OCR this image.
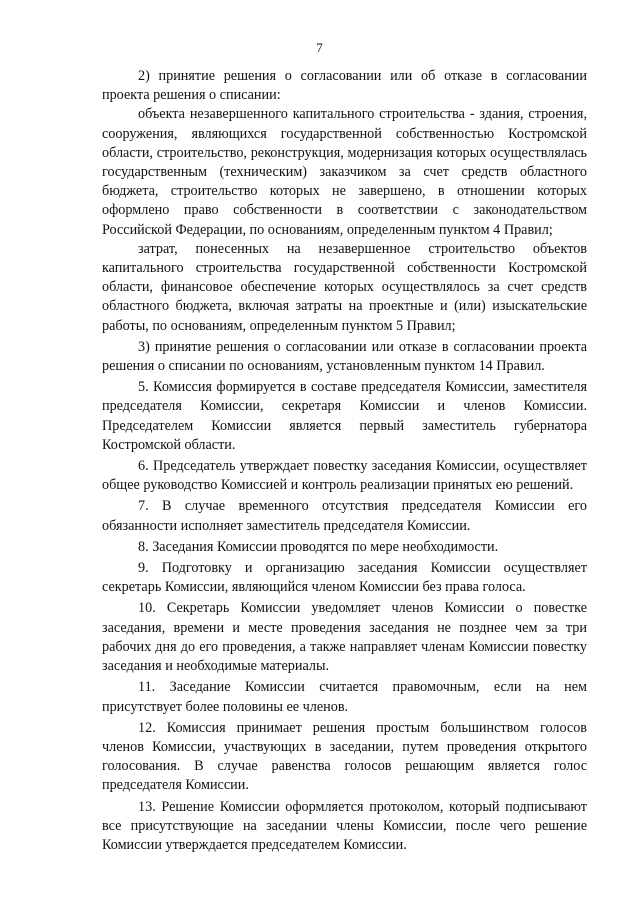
7

2) принятие решения о согласовании или об отказе в согласовании проекта решения о списании:

объекта незавершенного капитального строительства - здания, строения, сооружения, являющихся государственной собственностью Костромской области, строительство, реконструкция, модернизация которых осуществлялась государственным (техническим) заказчиком за счет средств областного бюджета, строительство которых не завершено, в отношении которых оформлено право собственности в соответствии с законодательством Российской Федерации, по основаниям, определенным пунктом 4 Правил;

затрат, понесенных на незавершенное строительство объектов капитального строительства государственной собственности Костромской области, финансовое обеспечение которых осуществлялось за счет средств областного бюджета, включая затраты на проектные и (или) изыскательские работы, по основаниям, определенным пунктом 5 Правил;

3) принятие решения о согласовании или отказе в согласовании проекта решения о списании по основаниям, установленным пунктом 14 Правил.

5. Комиссия формируется в составе председателя Комиссии, заместителя председателя Комиссии, секретаря Комиссии и членов Комиссии. Председателем Комиссии является первый заместитель губернатора Костромской области.

6. Председатель утверждает повестку заседания Комиссии, осуществляет общее руководство Комиссией и контроль реализации принятых ею решений.

7. В случае временного отсутствия председателя Комиссии его обязанности исполняет заместитель председателя Комиссии.

8. Заседания Комиссии проводятся по мере необходимости.

9. Подготовку и организацию заседания Комиссии осуществляет секретарь Комиссии, являющийся членом Комиссии без права голоса.

10. Секретарь Комиссии уведомляет членов Комиссии о повестке заседания, времени и месте проведения заседания не позднее чем за три рабочих дня до его проведения, а также направляет членам Комиссии повестку заседания и необходимые материалы.

11. Заседание Комиссии считается правомочным, если на нем присутствует более половины ее членов.

12. Комиссия принимает решения простым большинством голосов членов Комиссии, участвующих в заседании, путем проведения открытого голосования. В случае равенства голосов решающим является голос председателя Комиссии.

13. Решение Комиссии оформляется протоколом, который подписывают все присутствующие на заседании члены Комиссии, после чего решение Комиссии утверждается председателем Комиссии.
